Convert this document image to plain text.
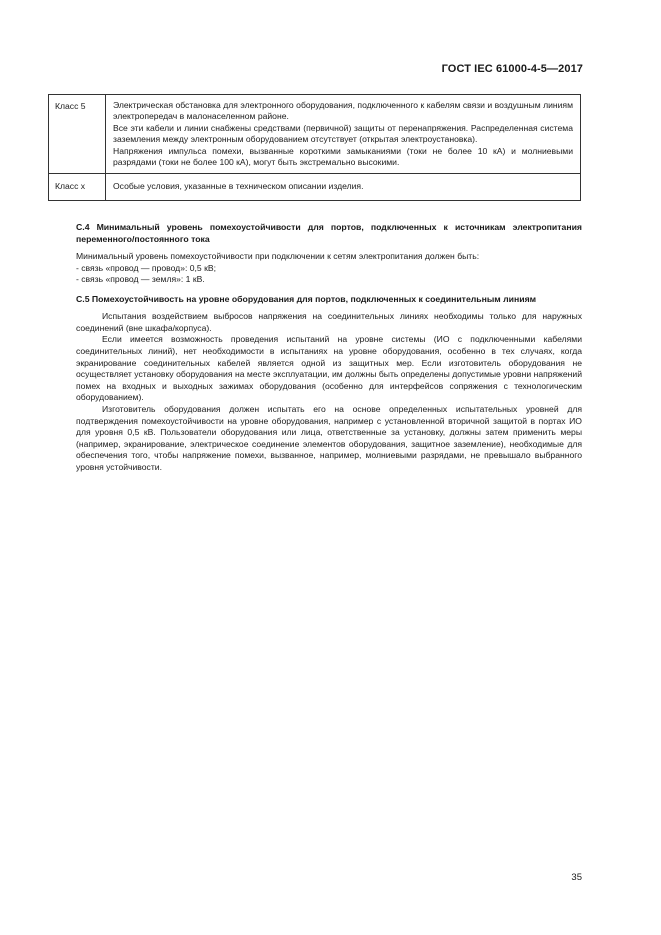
ГОСТ IEC 61000-4-5—2017
Класс 5	Электрическая обстановка для электронного оборудования, подключенного к кабелям связи и воздушным линиям электропередач в малонаселенном районе.

Все эти кабели и линии снабжены средствами (первичной) защиты от перенапряжения. Распределенная система заземления между электронным оборудованием отсутствует (открытая электроустановка).

Напряжения импульса помехи, вызванные короткими замыканиями (токи не более 10 кА) и молниевыми разрядами (токи не более 100 кА), могут быть экстремально высокими.

Класс x	Особые условия, указанные в техническом описании изделия.

С.4 Минимальный уровень помехоустойчивости для портов, подключенных к источникам электропитания переменного/постоянного тока

Минимальный уровень помехоустойчивости при подключении к сетям электропитания должен быть:

- связь «провод — провод»: 0,5 кВ;

- связь «провод — земля»: 1 кВ.

С.5 Помехоустойчивость на уровне оборудования для портов, подключенных к соединительным линиям

Испытания воздействием выбросов напряжения на соединительных линиях необходимы только для наружных соединений (вне шкафа/корпуса).

Если имеется возможность проведения испытаний на уровне системы (ИО с подключенными кабелями соединительных линий), нет необходимости в испытаниях на уровне оборудования, особенно в тех случаях, когда экранирование соединительных кабелей является одной из защитных мер. Если изготовитель оборудования не осуществляет установку оборудования на месте эксплуатации, им должны быть определены допустимые уровни напряжений помех на входных и выходных зажимах оборудования (особенно для интерфейсов сопряжения с технологическим оборудованием).

Изготовитель оборудования должен испытать его на основе определенных испытательных уровней для подтверждения помехоустойчивости на уровне оборудования, например с установленной вторичной защитой в портах ИО для уровня 0,5 кВ. Пользователи оборудования или лица, ответственные за установку, должны затем применить меры (например, экранирование, электрическое соединение элементов оборудования, защитное заземление), необходимые для обеспечения того, чтобы напряжение помехи, вызванное, например, молниевыми разрядами, не превышало выбранного уровня устойчивости.

35
